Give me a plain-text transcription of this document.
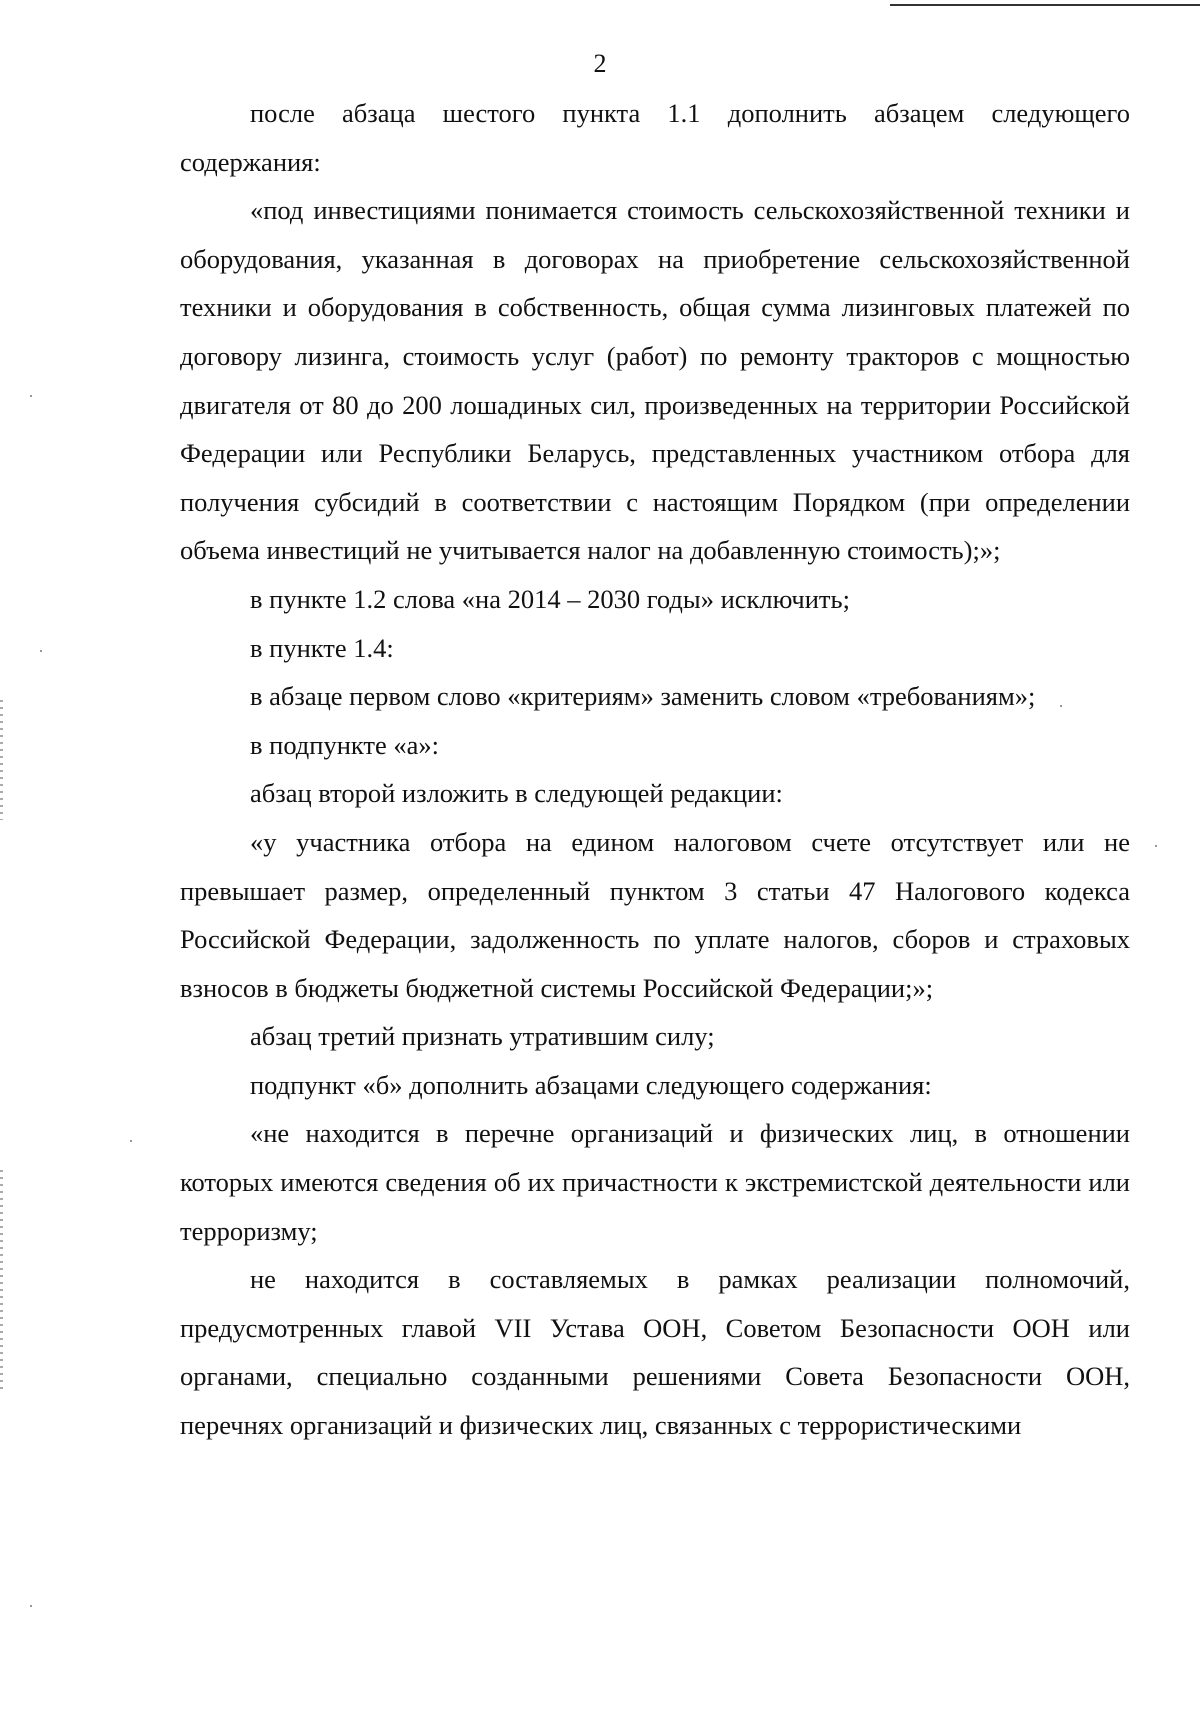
2

после абзаца шестого пункта 1.1 дополнить абзацем следующего содержания:

«под инвестициями понимается стоимость сельскохозяйственной техники и оборудования, указанная в договорах на приобретение сельскохозяйственной техники и оборудования в собственность, общая сумма лизинговых платежей по договору лизинга, стоимость услуг (работ) по ремонту тракторов с мощностью двигателя от 80 до 200 лошадиных сил, произведенных на территории Российской Федерации или Республики Беларусь, представленных участником отбора для получения субсидий в соответствии с настоящим Порядком (при определении объема инвестиций не учитывается налог на добавленную стоимость);»;

в пункте 1.2 слова «на 2014 – 2030 годы» исключить;

в пункте 1.4:

в абзаце первом слово «критериям» заменить словом «требованиям»;

в подпункте «а»:

абзац второй изложить в следующей редакции:

«у участника отбора на едином налоговом счете отсутствует или не превышает размер, определенный пунктом 3 статьи 47 Налогового кодекса Российской Федерации, задолженность по уплате налогов, сборов и страховых взносов в бюджеты бюджетной системы Российской Федерации;»;

абзац третий признать утратившим силу;

подпункт «б» дополнить абзацами следующего содержания:

«не находится в перечне организаций и физических лиц, в отношении которых имеются сведения об их причастности к экстремистской деятельности или терроризму;

не находится в составляемых в рамках реализации полномочий, предусмотренных главой VII Устава ООН, Советом Безопасности ООН или органами, специально созданными решениями Совета Безопасности ООН, перечнях организаций и физических лиц, связанных с террористическими
